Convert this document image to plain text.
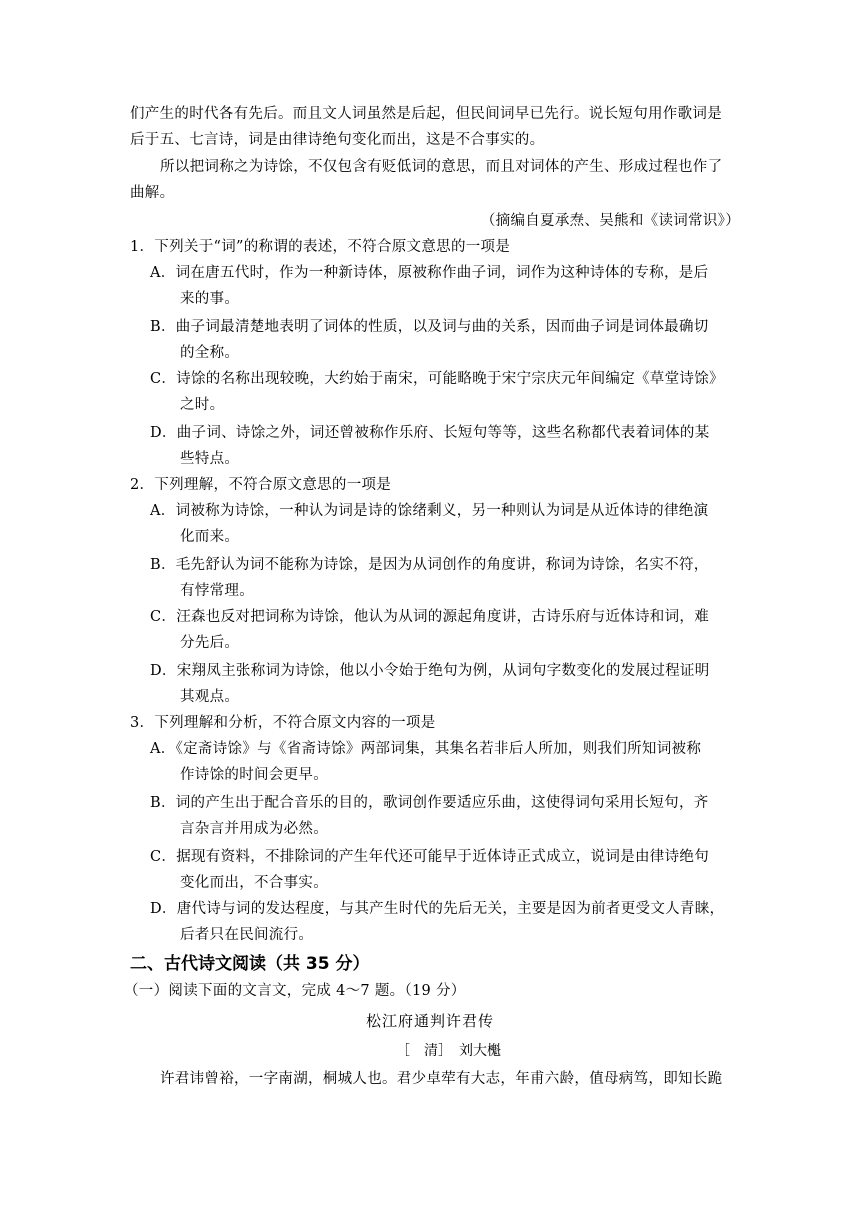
们产生的时代各有先后。而且文人词虽然是后起，但民间词早已先行。说长短句用作歌词是
后于五、七言诗，词是由律诗绝句变化而出，这是不合事实的。
所以把词称之为诗馀，不仅包含有贬低词的意思，而且对词体的产生、形成过程也作了
曲解。
（摘编自夏承焘、吴熊和《读词常识》）
1．下列关于“词”的称谓的表述，不符合原文意思的一项是
A．词在唐五代时，作为一种新诗体，原被称作曲子词，词作为这种诗体的专称，是后
来的事。
B．曲子词最清楚地表明了词体的性质，以及词与曲的关系，因而曲子词是词体最确切
的全称。
C．诗馀的名称出现较晚，大约始于南宋，可能略晚于宋宁宗庆元年间编定《草堂诗馀》
之时。
D．曲子词、诗馀之外，词还曾被称作乐府、长短句等等，这些名称都代表着词体的某
些特点。
2．下列理解，不符合原文意思的一项是
A．词被称为诗馀，一种认为词是诗的馀绪剩义，另一种则认为词是从近体诗的律绝演
化而来。
B．毛先舒认为词不能称为诗馀，是因为从词创作的角度讲，称词为诗馀，名实不符，
有悖常理。
C．汪森也反对把词称为诗馀，他认为从词的源起角度讲，古诗乐府与近体诗和词，难
分先后。
D．宋翔凤主张称词为诗馀，他以小令始于绝句为例，从词句字数变化的发展过程证明
其观点。
3．下列理解和分析，不符合原文内容的一项是
A．《定斋诗馀》与《省斋诗馀》两部词集，其集名若非后人所加，则我们所知词被称
作诗馀的时间会更早。
B．词的产生出于配合音乐的目的，歌词创作要适应乐曲，这使得词句采用长短句，齐
言杂言并用成为必然。
C．据现有资料，不排除词的产生年代还可能早于近体诗正式成立，说词是由律诗绝句
变化而出，不合事实。
D．唐代诗与词的发达程度，与其产生时代的先后无关，主要是因为前者更受文人青睐，
后者只在民间流行。
二、古代诗文阅读（共 35 分）
（一）阅读下面的文言文，完成 4～7 题。（19 分）
松江府通判许君传
［　清］　刘大櫆
许君讳曾裕，一字南湖，桐城人也。君少卓荦有大志，年甫六龄，值母病笃，即知长跪
